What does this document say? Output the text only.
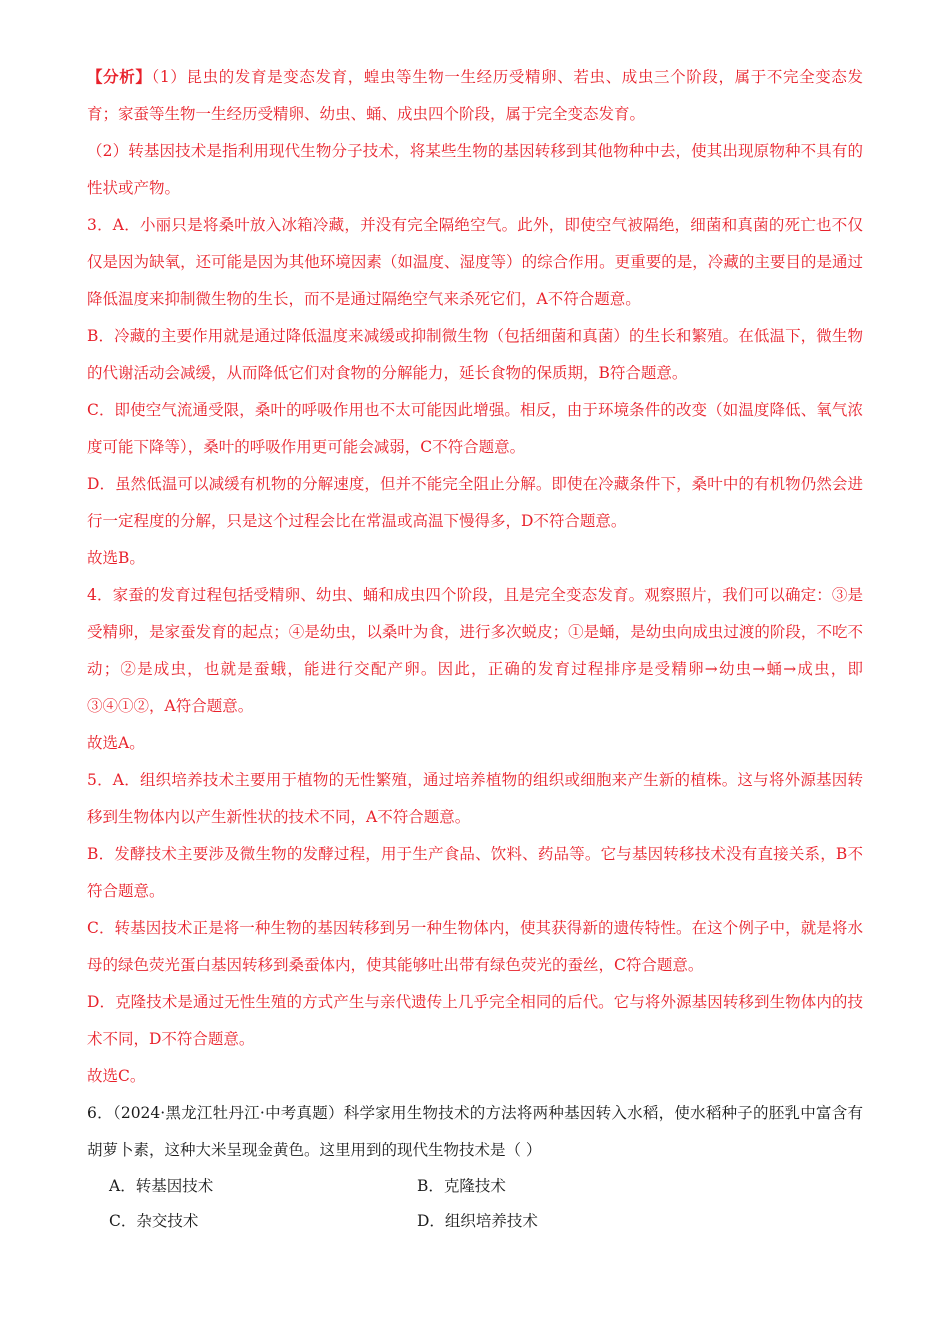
【分析】（1）昆虫的发育是变态发育，蝗虫等生物一生经历受精卵、若虫、成虫三个阶段，属于不完全变态发育；家蚕等生物一生经历受精卵、幼虫、蛹、成虫四个阶段，属于完全变态发育。

（2）转基因技术是指利用现代生物分子技术，将某些生物的基因转移到其他物种中去，使其出现原物种不具有的性状或产物。

3．A．小丽只是将桑叶放入冰箱冷藏，并没有完全隔绝空气。此外，即使空气被隔绝，细菌和真菌的死亡也不仅仅是因为缺氧，还可能是因为其他环境因素（如温度、湿度等）的综合作用。更重要的是，冷藏的主要目的是通过降低温度来抑制微生物的生长，而不是通过隔绝空气来杀死它们，A不符合题意。

B．冷藏的主要作用就是通过降低温度来减缓或抑制微生物（包括细菌和真菌）的生长和繁殖。在低温下，微生物的代谢活动会减缓，从而降低它们对食物的分解能力，延长食物的保质期，B符合题意。

C．即使空气流通受限，桑叶的呼吸作用也不太可能因此增强。相反，由于环境条件的改变（如温度降低、氧气浓度可能下降等），桑叶的呼吸作用更可能会减弱，C不符合题意。

D．虽然低温可以减缓有机物的分解速度，但并不能完全阻止分解。即使在冷藏条件下，桑叶中的有机物仍然会进行一定程度的分解，只是这个过程会比在常温或高温下慢得多，D不符合题意。

故选B。

4．家蚕的发育过程包括受精卵、幼虫、蛹和成虫四个阶段，且是完全变态发育。观察照片，我们可以确定：③是受精卵，是家蚕发育的起点；④是幼虫，以桑叶为食，进行多次蜕皮；①是蛹，是幼虫向成虫过渡的阶段，不吃不动；②是成虫，也就是蚕蛾，能进行交配产卵。因此，正确的发育过程排序是受精卵→幼虫→蛹→成虫，即③④①②，A符合题意。

故选A。

5．A．组织培养技术主要用于植物的无性繁殖，通过培养植物的组织或细胞来产生新的植株。这与将外源基因转移到生物体内以产生新性状的技术不同，A不符合题意。

B．发酵技术主要涉及微生物的发酵过程，用于生产食品、饮料、药品等。它与基因转移技术没有直接关系，B不符合题意。

C．转基因技术正是将一种生物的基因转移到另一种生物体内，使其获得新的遗传特性。在这个例子中，就是将水母的绿色荧光蛋白基因转移到桑蚕体内，使其能够吐出带有绿色荧光的蚕丝，C符合题意。

D．克隆技术是通过无性生殖的方式产生与亲代遗传上几乎完全相同的后代。它与将外源基因转移到生物体内的技术不同，D不符合题意。

故选C。

6．（2024·黑龙江牡丹江·中考真题）科学家用生物技术的方法将两种基因转入水稻，使水稻种子的胚乳中富含有胡萝卜素，这种大米呈现金黄色。这里用到的现代生物技术是（ ）

A．转基因技术	B．克隆技术
C．杂交技术	D．组织培养技术
